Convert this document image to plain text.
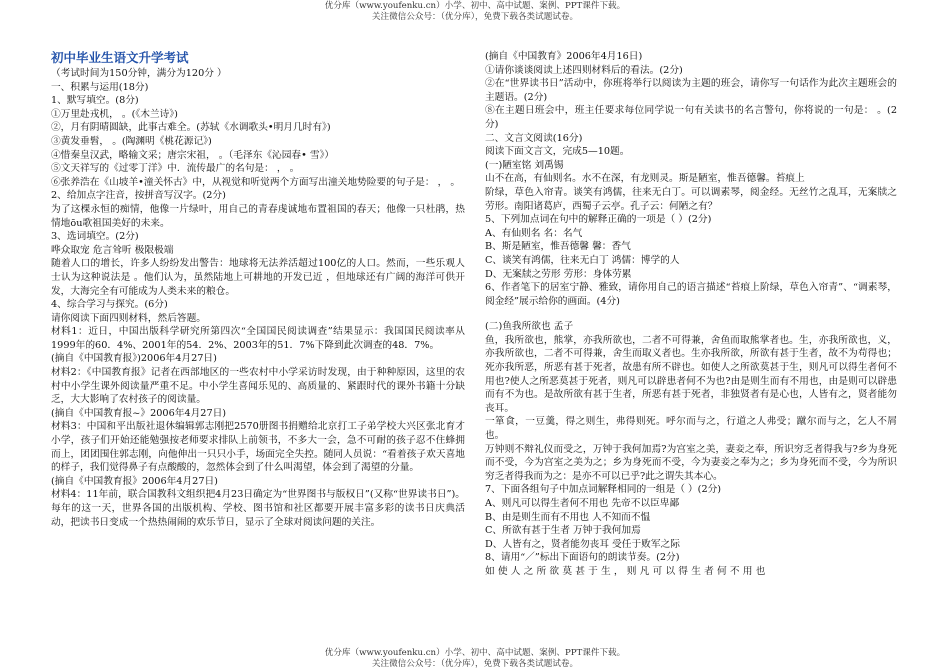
优分库（www.youfenku.cn）小学、初中、高中试题、案例、PPT课件下载。
关注微信公众号：（优分库），免费下载各类试题试卷。
初中毕业生语文升学考试

（考试时间为150分钟，满分为120分 ）

一、积累与运用(18分)

1、默写填空。(8分)

①万里赴戎机， 。(《木兰诗》)

②，月有阴晴圆缺，此事古难全。(苏轼《水调歌头•明月几时有》)

③黄发垂髫， 。(陶渊明《桃花源记》)

④惜秦皇汉武，略输文采；唐宗宋祖， 。（毛泽东《沁园春• 雪》）

⑤文天祥写的《过零丁洋》中．流传最广的名句是： ， 。

⑥张养浩在《山坡羊•潼关怀古》中，从视觉和听觉两个方面写出潼关地势险要的句子是： ， 。

2、给加点字注音，按拼音写汉字。(2分)

为了这棵永恒的痴情，他像一片绿叶，用自己的青春虔诚地布置祖国的春天；他像一只杜鹃，热情地ōu歌祖国美好的未来。

3、选词填空。(2分)

哗众取宠 危言耸听 极限极端

随着人口的增长，许多人纷纷发出警告：地球将无法养活超过100亿的人口。然而，一些乐观人士认为这种说法是 。他们认为，虽然陆地上可耕地的开发已近 ，但地球还有广阔的海洋可供开发，大海完全有可能成为人类未来的粮仓。

4、综合学习与探究。(6分)

请你阅读下面四则材料，然后答题。

材料1：近日，中国出版科学研究所第四次“全国国民阅读调查”结果显示：我国国民阅读率从1999年的60．4%、2001年的54．2%、2003年的51．7%下降到此次调查的48．7%。

(摘自《中国教育报》)2006年4月27日)

材料2：《中国教育报》记者在西部地区的一些农村中小学采访时发现，由于种种原因，这里的农村中小学生课外阅读量严重不足。中小学生喜闻乐见的、高质量的、紧跟时代的课外书籍十分缺乏，大大影响了农村孩子的阅读量。

(摘自《中国教育报~》2006年4月27日)

材料3：中国和平出版社退休编辑郭志刚把2570册图书捐赠给北京打工子弟学校大兴区张北育才小学，孩子们开始还能勉强按老师要求排队上前领书，不多大一会，急不可耐的孩子忍不住蜂拥而上，团团围住郭志刚，向他伸出一只只小手，场面完全失控。随同人员说：“看着孩子欢天喜地的样子，我们觉得鼻子有点酸酸的，忽然体会到了什么叫渴望，体会到了渴望的分量。

(摘自《中国教育报》2006年4月27日)

材料4：11年前，联合国教科文组织把4月23日确定为“世界图书与版权日”(又称“世界读书日”)。每年的这一天，世界各国的出版机构、学校、图书馆和社区都要开展丰富多彩的读书日庆典活动，把读书日变成一个热热闹闹的欢乐节日，显示了全球对阅读问题的关注。

(摘自《中国教育》2006年4月16日)

①请你谈谈阅读上述四则材料后的看法。(2分)

②在“世界读书日”活动中，你班将举行以阅读为主题的班会，请你写一句话作为此次主题班会的主题语。(2分)

⑧在主题日班会中，班主任要求每位同学说一句有关读书的名言警句，你将说的一句是： 。(2分)

二、文言文阅读(16分)

阅读下面文言文，完成5—10题。

(一)陋室铭 刘禹锡

山不在高，有仙则名。水不在深，有龙则灵。斯是陋室，惟吾德馨。苔痕上

阶绿，草色入帘青。谈笑有鸿儒，往来无白丁。可以调素琴，阅金经。无丝竹之乱耳，无案牍之劳形。南阳诸葛庐，西蜀子云亭。孔子云：何陋之有？

5、下列加点词在句中的解释正确的一项是（ ）(2分)

A、有仙则名 名：名气

B、斯是陋室，惟吾德馨 馨：香气

C、谈笑有鸿儒，往来无白丁 鸿儒：博学的人

D、无案牍之劳形 劳形：身体劳累

6、作者笔下的居室宁静、雅致，请你用自己的语言描述“苔痕上阶绿，草色入帘青”、“调素琴，阅金经”展示给你的画面。(4分)

(二)鱼我所欲也 孟子

鱼，我所欲也，熊掌，亦我所欲也，二者不可得兼，舍鱼而取熊掌者也。生，亦我所欲也，义，亦我所欲也，二者不可得兼，舍生而取义者也。生亦我所欲，所欲有甚于生者，故不为苟得也；死亦我所恶，所恶有甚于死者，故患有所不辟也。如使人之所欲莫甚于生，则凡可以得生者何不用也?使人之所恶莫甚于死者，则凡可以辟患者何不为也?由是则生而有不用也，由是则可以辟患而有不为也。是故所欲有甚于生者，所恶有甚于死者，非独贤者有是心也，人皆有之，贤者能勿丧耳。

一箪食，一豆羹，得之则生，弗得则死。呼尔而与之，行道之人弗受；蹴尔而与之，乞人不屑也。

万钟则不辩礼仪而受之，万钟于我何加焉?为宫室之美，妻妾之奉，所识穷乏者得我与?乡为身死而不受，今为宫室之美为之；乡为身死而不受，今为妻妾之奉为之；乡为身死而不受，今为所识穷乏者得我而为之：是亦不可以已乎?此之谓失其本心。

7、下面各组句子中加点词解释相同的一组是（ ）(2分)

A、则凡可以得生者何不用也 先帝不以臣卑鄙

B、由是则生而有不用也 人不知而不愠

C、所欲有甚于生者 万钟于我何加焉

D、人皆有之，贤者能勿丧耳 受任于败军之际

8、请用“／”标出下面语句的朗读节奏。(2分)

如使人之所欲莫甚于生，则凡可以得生者何不用也

优分库（www.youfenku.cn）小学、初中、高中试题、案例、PPT课件下载。
关注微信公众号：（优分库），免费下载各类试题试卷。
